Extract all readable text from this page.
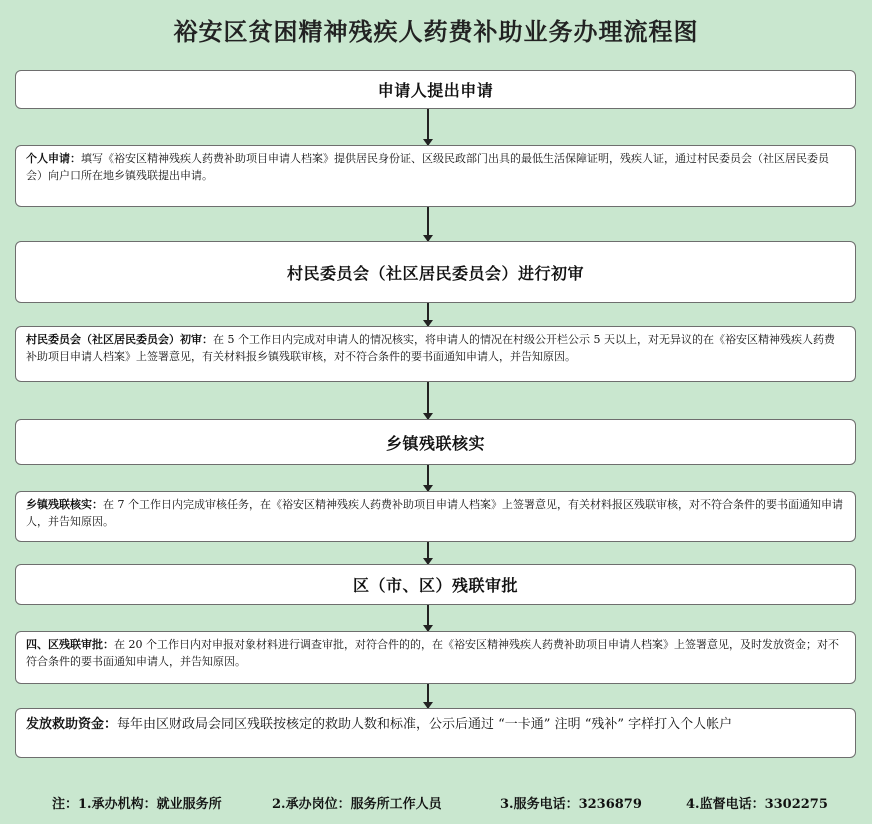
裕安区贫困精神残疾人药费补助业务办理流程图
申请人提出申请
个人申请：填写《裕安区精神残疾人药费补助项目申请人档案》提供居民身份证、区级民政部门出具的最低生活保障证明，残疾人证，通过村民委员会（社区居民委员会）向户口所在地乡镇残联提出申请。
村民委员会（社区居民委员会）进行初审
村民委员会（社区居民委员会）初审：在 5 个工作日内完成对申请人的情况核实，将申请人的情况在村级公开栏公示 5 天以上，对无异议的在《裕安区精神残疾人药费补助项目申请人档案》上签署意见，有关材料报乡镇残联审核，对不符合条件的要书面通知申请人，并告知原因。
乡镇残联核实
乡镇残联核实：在 7 个工作日内完成审核任务，在《裕安区精神残疾人药费补助项目申请人档案》上签署意见，有关材料报区残联审核，对不符合条件的要书面通知申请人，并告知原因。
区（市、区）残联审批
四、区残联审批：在 20 个工作日内对申报对象材料进行调查审批，对符合件的的，在《裕安区精神残疾人药费补助项目申请人档案》上签署意见，及时发放资金；对不符合条件的要书面通知申请人，并告知原因。
发放救助资金：每年由区财政局会同区残联按核定的救助人数和标准，公示后通过 “一卡通” 注明 “残补” 字样打入个人帐户
注：1.承办机构：就业服务所	2.承办岗位：服务所工作人员	3.服务电话：3236879	4.监督电话：3302275
